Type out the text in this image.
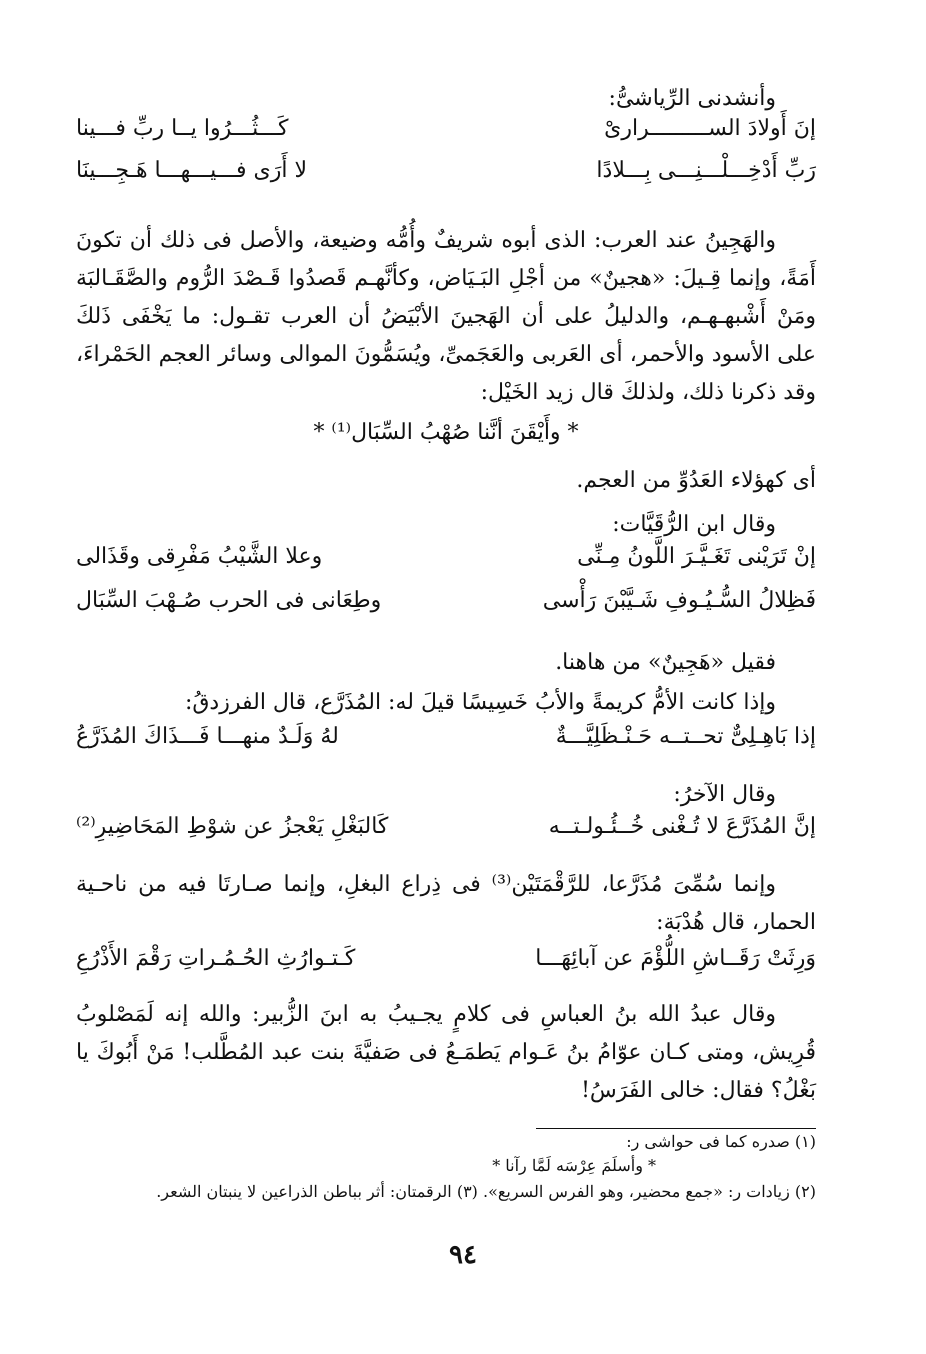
وأنشدنى الرِّياشىُّ:
إنَ أَولادَ الســـــــــرارىْ
كَـــثُـــرُوا يــا ربِّ فـــينا
رَبِّ أَدْخِـــلْـــنِـــى بِـــلادًا
لا أَرَى فـــيـــهـــا هَـجِـــينَا
والهَجِينُ عند العرب: الذى أبوه شريفٌ وأُمُّه وضيعة، والأصل فى ذلك أن تكونَ أَمَةً، وإنما قِـيلَ: «هجينٌ» من أجْلِ البَـيَاض، وكأنَّهـم قَصدُوا قَـصْدَ الرُّوم والصَّقَـالبَة ومَنْ أَشْبهـهـم، والدليلُ على أن الهَجينَ الأبْيَضُ أن العرب تقـول: ما يَخْفَى ذَلكَ على الأسود والأحمر، أى العَربى والعَجَمىِّ، ويُسَمُّونَ الموالى وسائر العجم الحَمْراءَ، وقد ذكرنا ذلك، ولذلكَ قال زيد الخَيْل:
* وأَيْقَنَ أنَّنا صُهْبُ السِّبَال⁽¹⁾ *
أى كهؤلاء العَدُوِّ من العجم.
وقال ابن الرُّقَيَّات:
إنْ تَرَيْنى تَغَـيَّـرَ اللَّونُ مِـنِّى
وعلا الشَّيْبُ مَفْرِقى وقَذَالى
فَظِلالُ السُّـيُـوفِ شَـيَّبْنَ رَأْسى
وطِعَانى فى الحرب صُـهْبَ السِّبَال
فقيل «هَجِينٌ» من هاهنا.
وإذا كانت الأمُّ كريمةً والأبُ خَسِيسًا قيلَ له: المُذَرَّع، قال الفرزدقُ:
إذا بَاهِـلِىٌّ تحــتــه حَـنْـظَلِيَّـــةٌ
لهُ وَلَـدٌ منهـــا فَـــذَاكَ المُذَرَّعُ
وقال الآخرُ:
إنَّ المُذَرَّعَ لا تُـغْنى خُــئُـولـتــه
كَالبَغْلِ يَعْجزُ عن شوْطِ المَحَاضِيرِ⁽²⁾
وإنما سُمِّىَ مُذَرَّعا، للرَّقْمَتَيْن⁽³⁾ فى ذِراع البغلِ، وإنما صـارتَا فيه من ناحـية الحمار، قال هُدْبَة:
وَرِثَتْ رَقَــاشِ اللُّؤْمَ عن آبائِهَـــا
كَـتـوارُثِ الحُـمُـراتِ رَقْمَ الأَذْرُعِ
وقال عبدُ الله بنُ العباسِ فى كلامٍ يجـيبُ به ابنَ الزُّبير: والله إنه لَمَصْلوبُ قُرِيش، ومتى كـان عوّامُ بنُ عَـوام يَطمَـعُ فى صَفيَّةَ بنت عبد المُطَّلب! مَنْ أَبُوكَ يا بَغْلُ؟ فقال: خالى الفَرَسُ!
(١) صدره كما فى حواشى ر:
* وأسلَمَ عِرْسَه لَمَّا رآنا *
(٢) زيادات ر: «جمع محضير، وهو الفرس السريع». (٣) الرقمتان: أثر بباطن الذراعين لا ينبتان الشعر.
٩٤
